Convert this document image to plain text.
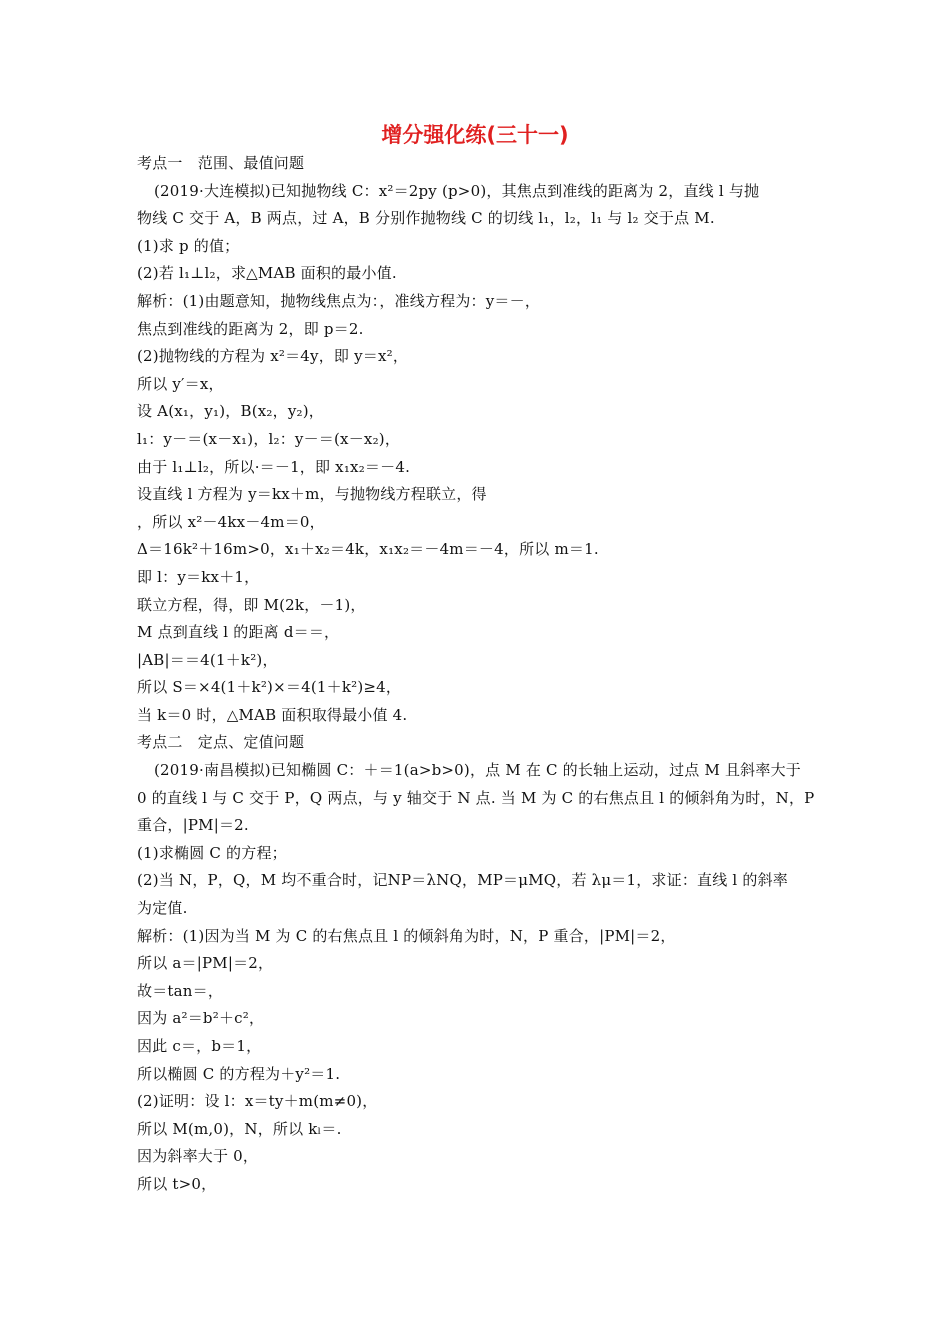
增分强化练(三十一)
考点一　范围、最值问题
(2019·大连模拟)已知抛物线 C：x²＝2py (p>0)，其焦点到准线的距离为 2，直线 l 与抛
物线 C 交于 A，B 两点，过 A，B 分别作抛物线 C 的切线 l₁，l₂，l₁ 与 l₂ 交于点 M.
(1)求 p 的值；
(2)若 l₁⊥l₂，求△MAB 面积的最小值.
解析：(1)由题意知，抛物线焦点为：，准线方程为：y＝－，
焦点到准线的距离为 2，即 p＝2.
(2)抛物线的方程为 x²＝4y，即 y＝x²，
所以 y′＝x，
设 A(x₁，y₁)，B(x₂，y₂)，
l₁：y－＝(x－x₁)，l₂：y－＝(x－x₂)，
由于 l₁⊥l₂，所以·＝－1，即 x₁x₂＝－4.
设直线 l 方程为 y＝kx＋m，与抛物线方程联立，得
，所以 x²－4kx－4m＝0，
Δ＝16k²＋16m>0，x₁＋x₂＝4k，x₁x₂＝－4m＝－4，所以 m＝1.
即 l：y＝kx＋1，
联立方程，得，即 M(2k，－1)，
M 点到直线 l 的距离 d＝＝，
|AB|＝＝4(1＋k²)，
所以 S＝×4(1＋k²)×＝4(1＋k²)≥4，
当 k＝0 时，△MAB 面积取得最小值 4.
考点二　定点、定值问题
(2019·南昌模拟)已知椭圆 C：＋＝1(a>b>0)，点 M 在 C 的长轴上运动，过点 M 且斜率大于
0 的直线 l 与 C 交于 P，Q 两点，与 y 轴交于 N 点. 当 M 为 C 的右焦点且 l 的倾斜角为时，N，P
重合，|PM|＝2.
(1)求椭圆 C 的方程；
(2)当 N，P，Q，M 均不重合时，记NP＝λNQ，MP＝μMQ，若 λμ＝1，求证：直线 l 的斜率
为定值.
解析：(1)因为当 M 为 C 的右焦点且 l 的倾斜角为时，N，P 重合，|PM|＝2，
所以 a＝|PM|＝2，
故＝tan＝，
因为 a²＝b²＋c²，
因此 c＝，b＝1，
所以椭圆 C 的方程为＋y²＝1.
(2)证明：设 l：x＝ty＋m(m≠0)，
所以 M(m,0)，N，所以 kₗ＝.
因为斜率大于 0，
所以 t>0，
